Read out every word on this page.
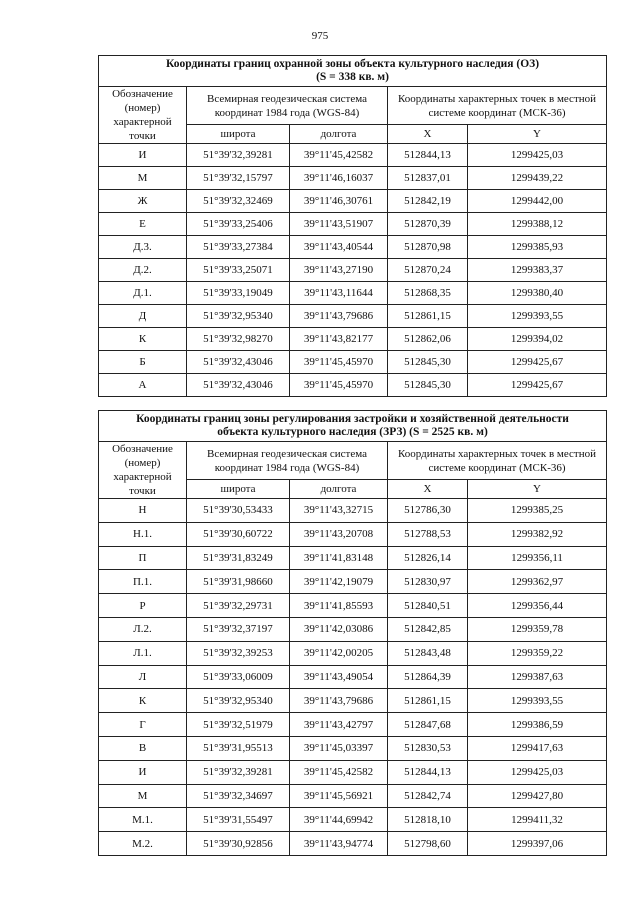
975
Координаты границ охранной зоны объекта культурного наследия (ОЗ)
(S = 338 кв. м)				
Обозначение (номер) характерной точки	Всемирная геодезическая система координат 1984 года (WGS-84)		Координаты характерных точек в местной системе координат (МСК-36)	
	широта	долгота	X	Y
И	51°39'32,39281	39°11'45,42582	512844,13	1299425,03
М	51°39'32,15797	39°11'46,16037	512837,01	1299439,22
Ж	51°39'32,32469	39°11'46,30761	512842,19	1299442,00
Е	51°39'33,25406	39°11'43,51907	512870,39	1299388,12
Д.3.	51°39'33,27384	39°11'43,40544	512870,98	1299385,93
Д.2.	51°39'33,25071	39°11'43,27190	512870,24	1299383,37
Д.1.	51°39'33,19049	39°11'43,11644	512868,35	1299380,40
Д	51°39'32,95340	39°11'43,79686	512861,15	1299393,55
К	51°39'32,98270	39°11'43,82177	512862,06	1299394,02
Б	51°39'32,43046	39°11'45,45970	512845,30	1299425,67
А	51°39'32,43046	39°11'45,45970	512845,30	1299425,67
Координаты границ зоны регулирования застройки и хозяйственной деятельности
объекта культурного наследия (ЗРЗ) (S = 2525 кв. м)				
Обозначение (номер) характерной точки	Всемирная геодезическая система координат 1984 года (WGS-84)		Координаты характерных точек в местной системе координат (МСК-36)	
	широта	долгота	X	Y
Н	51°39'30,53433	39°11'43,32715	512786,30	1299385,25
Н.1.	51°39'30,60722	39°11'43,20708	512788,53	1299382,92
П	51°39'31,83249	39°11'41,83148	512826,14	1299356,11
П.1.	51°39'31,98660	39°11'42,19079	512830,97	1299362,97
Р	51°39'32,29731	39°11'41,85593	512840,51	1299356,44
Л.2.	51°39'32,37197	39°11'42,03086	512842,85	1299359,78
Л.1.	51°39'32,39253	39°11'42,00205	512843,48	1299359,22
Л	51°39'33,06009	39°11'43,49054	512864,39	1299387,63
К	51°39'32,95340	39°11'43,79686	512861,15	1299393,55
Г	51°39'32,51979	39°11'43,42797	512847,68	1299386,59
В	51°39'31,95513	39°11'45,03397	512830,53	1299417,63
И	51°39'32,39281	39°11'45,42582	512844,13	1299425,03
М	51°39'32,34697	39°11'45,56921	512842,74	1299427,80
М.1.	51°39'31,55497	39°11'44,69942	512818,10	1299411,32
М.2.	51°39'30,92856	39°11'43,94774	512798,60	1299397,06
